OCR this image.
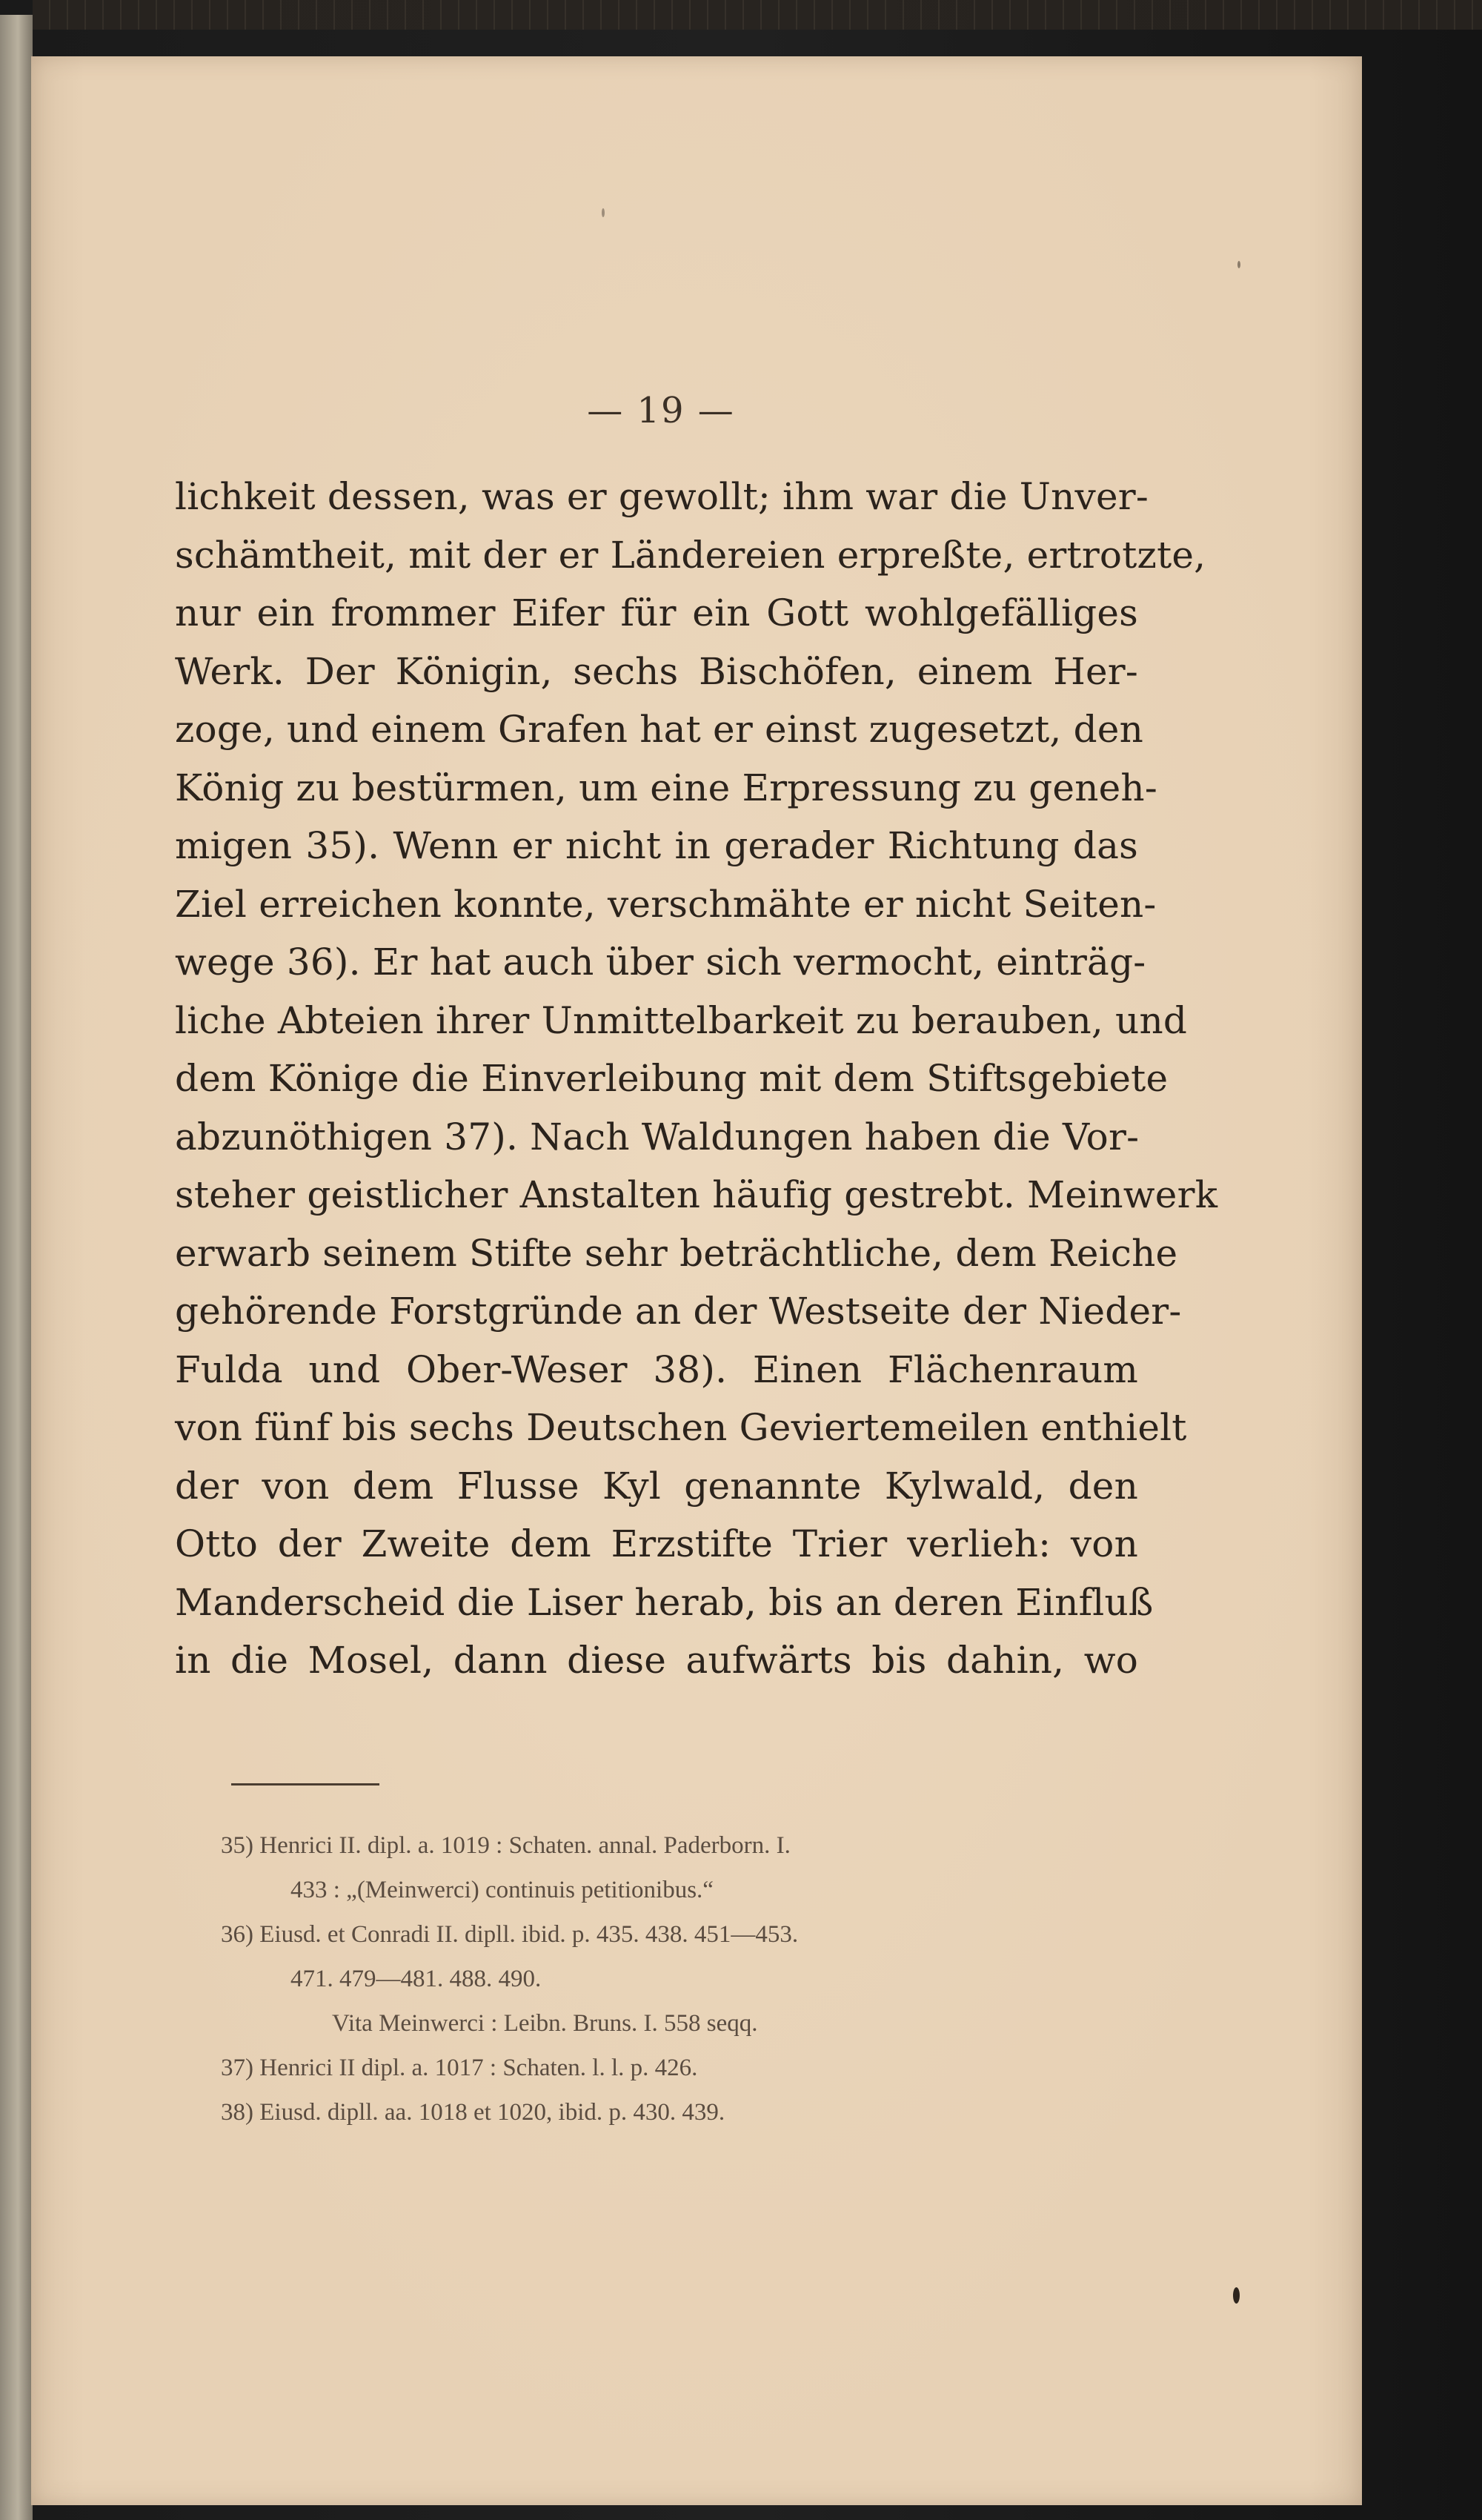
— 19 —
lichkeit dessen, was er gewollt; ihm war die Unver-
schämtheit, mit der er Ländereien erpreßte, ertrotzte,
nur ein frommer Eifer für ein Gott wohlgefälliges
Werk. Der Königin, sechs Bischöfen, einem Her-
zoge, und einem Grafen hat er einst zugesetzt, den
König zu bestürmen, um eine Erpressung zu geneh-
migen 35). Wenn er nicht in gerader Richtung das
Ziel erreichen konnte, verschmähte er nicht Seiten-
wege 36). Er hat auch über sich vermocht, einträg-
liche Abteien ihrer Unmittelbarkeit zu berauben, und
dem Könige die Einverleibung mit dem Stiftsgebiete
abzunöthigen 37). Nach Waldungen haben die Vor-
steher geistlicher Anstalten häufig gestrebt. Meinwerk
erwarb seinem Stifte sehr beträchtliche, dem Reiche
gehörende Forstgründe an der Westseite der Nieder-
Fulda und Ober-Weser 38). Einen Flächenraum
von fünf bis sechs Deutschen Geviertemeilen enthielt
der von dem Flusse Kyl genannte Kylwald, den
Otto der Zweite dem Erzstifte Trier verlieh: von
Manderscheid die Liser herab, bis an deren Einfluß
in die Mosel, dann diese aufwärts bis dahin, wo
35) Henrici II. dipl. a. 1019 : Schaten. annal. Paderborn. I.
433 : „(Meinwerci) continuis petitionibus.“
36) Eiusd. et Conradi II. dipll. ibid. p. 435. 438. 451—453.
471. 479—481. 488. 490.
Vita Meinwerci : Leibn. Bruns. I. 558 seqq.
37) Henrici II dipl. a. 1017 : Schaten. l. l. p. 426.
38) Eiusd. dipll. aa. 1018 et 1020, ibid. p. 430. 439.
